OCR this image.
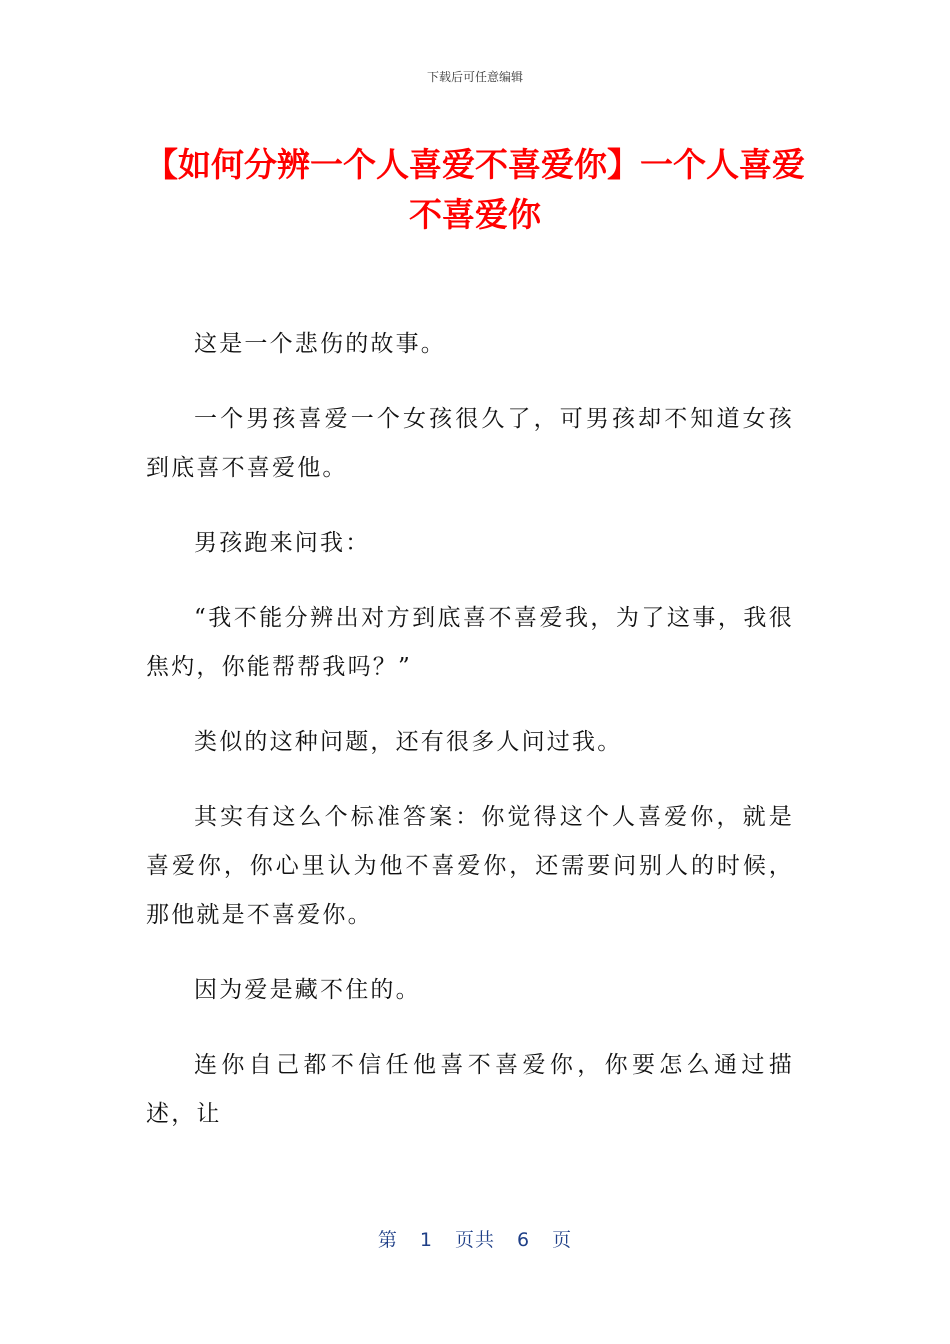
下载后可任意编辑
【如何分辨一个人喜爱不喜爱你】一个人喜爱不喜爱你

这是一个悲伤的故事。

一个男孩喜爱一个女孩很久了，可男孩却不知道女孩到底喜不喜爱他。

男孩跑来问我：

“我不能分辨出对方到底喜不喜爱我，为了这事，我很焦灼，你能帮帮我吗？”

类似的这种问题，还有很多人问过我。

其实有这么个标准答案：你觉得这个人喜爱你，就是喜爱你，你心里认为他不喜爱你，还需要问别人的时候，那他就是不喜爱你。

因为爱是藏不住的。

连你自己都不信任他喜不喜爱你，你要怎么通过描述，让

第 1 页共 6 页
